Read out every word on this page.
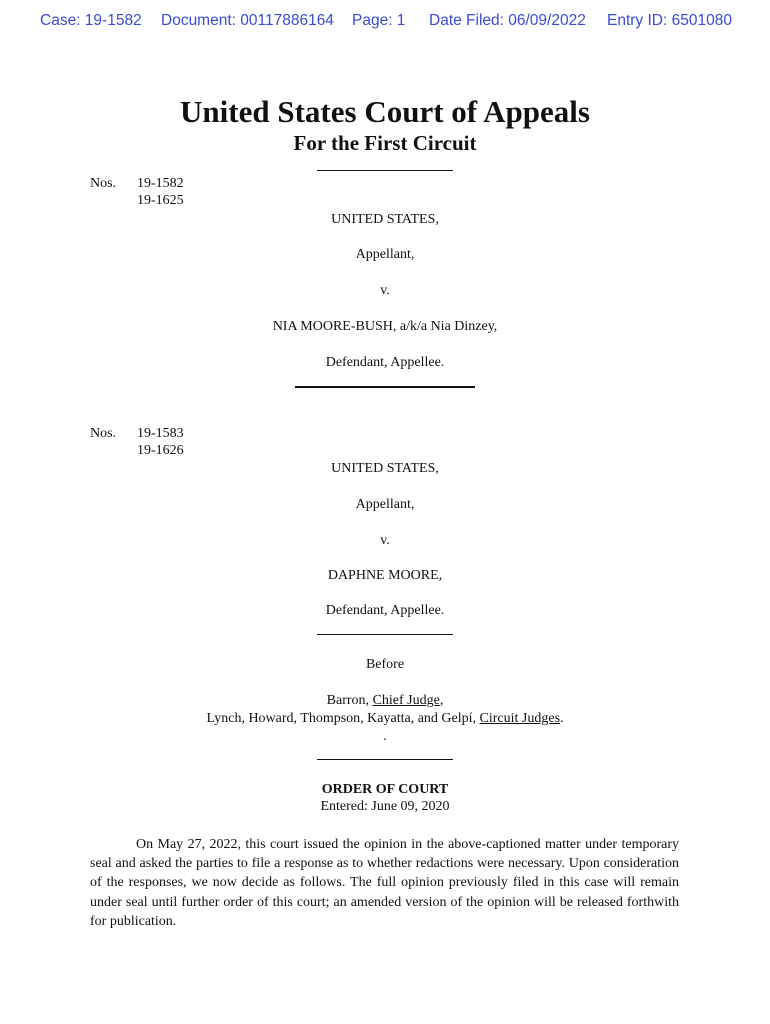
Case: 19-1582 Document: 00117886164 Page: 1 Date Filed: 06/09/2022 Entry ID: 6501080
United States Court of Appeals
For the First Circuit
Nos. 19-1582
19-1625
UNITED STATES,
Appellant,
v.
NIA MOORE-BUSH, a/k/a Nia Dinzey,
Defendant, Appellee.
Nos. 19-1583
19-1626
UNITED STATES,
Appellant,
v.
DAPHNE MOORE,
Defendant, Appellee.
Before
Barron, Chief Judge,
Lynch, Howard, Thompson, Kayatta, and Gelpí, Circuit Judges.
.
ORDER OF COURT
Entered: June 09, 2020
On May 27, 2022, this court issued the opinion in the above-captioned matter under temporary seal and asked the parties to file a response as to whether redactions were necessary. Upon consideration of the responses, we now decide as follows. The full opinion previously filed in this case will remain under seal until further order of this court; an amended version of the opinion will be released forthwith for publication.
